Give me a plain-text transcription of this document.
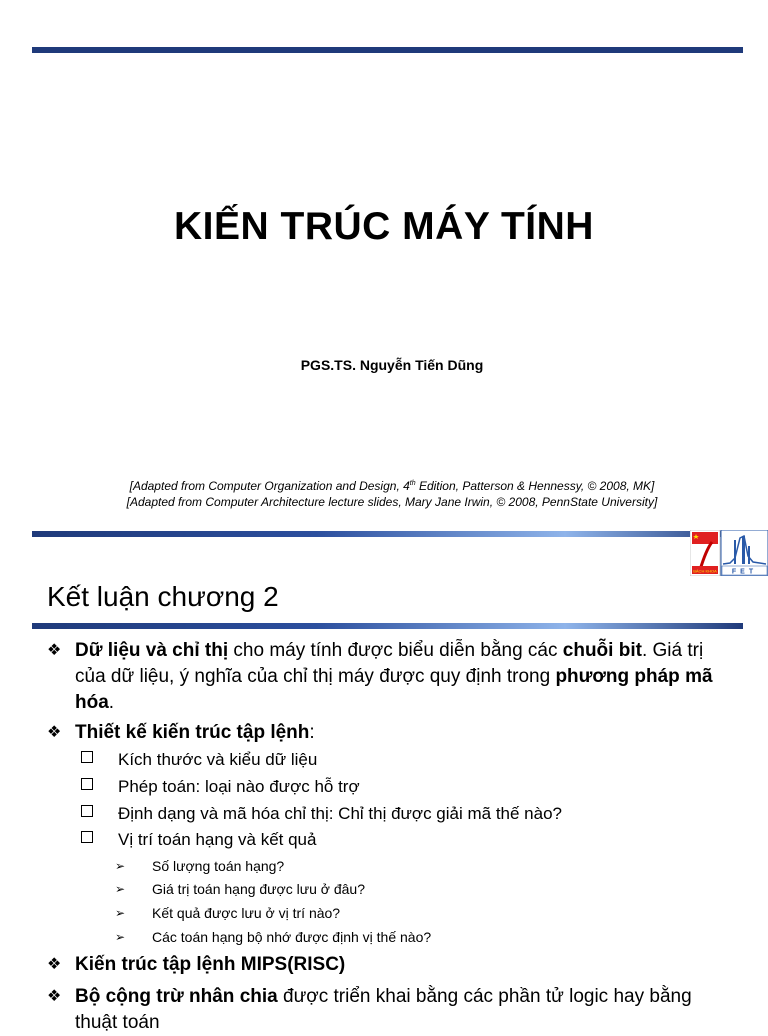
KIẾN TRÚC MÁY TÍNH
PGS.TS. Nguyễn Tiến Dũng
[Adapted from Computer Organization and Design, 4th Edition, Patterson & Hennessy, © 2008, MK]
[Adapted from Computer Architecture lecture slides, Mary Jane Irwin, © 2008, PennState University]
BÁCH KHOA FET
Kết luận chương 2
❖ Dữ liệu và chỉ thị cho máy tính được biểu diễn bằng các chuỗi bit. Giá trị của dữ liệu, ý nghĩa của chỉ thị máy được quy định trong phương pháp mã hóa.
❖ Thiết kế kiến trúc tập lệnh:
Kích thước và kiểu dữ liệu
Phép toán: loại nào được hỗ trợ
Định dạng và mã hóa chỉ thị: Chỉ thị được giải mã thế nào?
Vị trí toán hạng và kết quả
➢ Số lượng toán hạng?
➢ Giá trị toán hạng được lưu ở đâu?
➢ Kết quả được lưu ở vị trí nào?
➢ Các toán hạng bộ nhớ được định vị thế nào?
❖ Kiến trúc tập lệnh MIPS(RISC)
❖ Bộ cộng trừ nhân chia được triển khai bằng các phần tử logic hay bằng thuật toán
